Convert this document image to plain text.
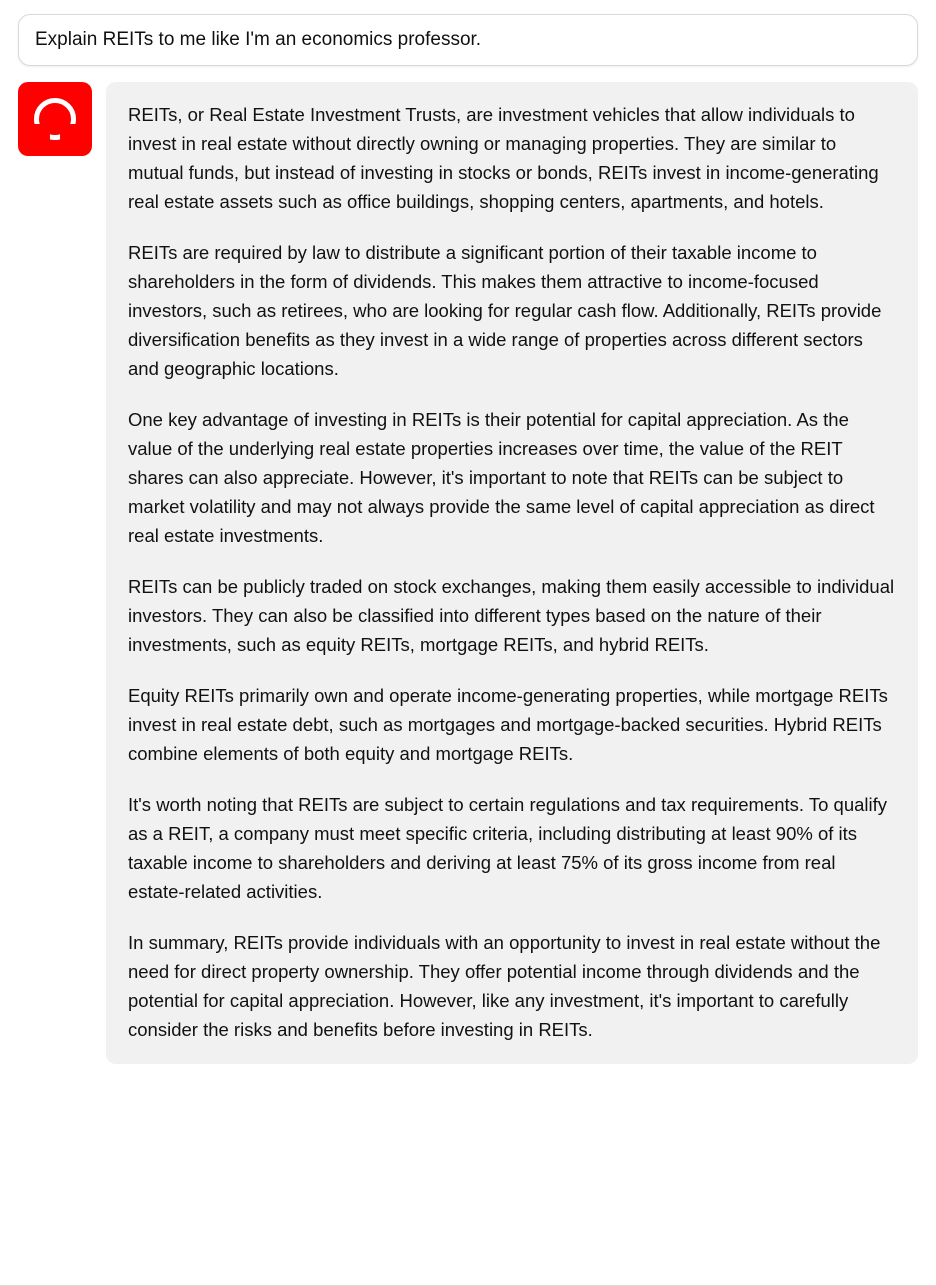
Explain REITs to me like I'm an economics professor.

REITs, or Real Estate Investment Trusts, are investment vehicles that allow individuals to invest in real estate without directly owning or managing properties. They are similar to mutual funds, but instead of investing in stocks or bonds, REITs invest in income-generating real estate assets such as office buildings, shopping centers, apartments, and hotels.

REITs are required by law to distribute a significant portion of their taxable income to shareholders in the form of dividends. This makes them attractive to income-focused investors, such as retirees, who are looking for regular cash flow. Additionally, REITs provide diversification benefits as they invest in a wide range of properties across different sectors and geographic locations.

One key advantage of investing in REITs is their potential for capital appreciation. As the value of the underlying real estate properties increases over time, the value of the REIT shares can also appreciate. However, it's important to note that REITs can be subject to market volatility and may not always provide the same level of capital appreciation as direct real estate investments.

REITs can be publicly traded on stock exchanges, making them easily accessible to individual investors. They can also be classified into different types based on the nature of their investments, such as equity REITs, mortgage REITs, and hybrid REITs.

Equity REITs primarily own and operate income-generating properties, while mortgage REITs invest in real estate debt, such as mortgages and mortgage-backed securities. Hybrid REITs combine elements of both equity and mortgage REITs.

It's worth noting that REITs are subject to certain regulations and tax requirements. To qualify as a REIT, a company must meet specific criteria, including distributing at least 90% of its taxable income to shareholders and deriving at least 75% of its gross income from real estate-related activities.

In summary, REITs provide individuals with an opportunity to invest in real estate without the need for direct property ownership. They offer potential income through dividends and the potential for capital appreciation. However, like any investment, it's important to carefully consider the risks and benefits before investing in REITs.
